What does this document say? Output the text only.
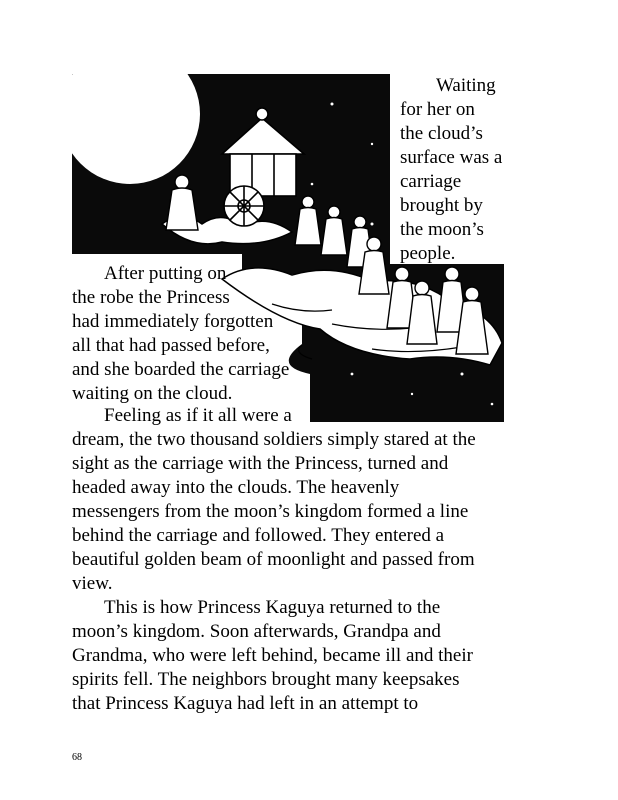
Waiting
for her on
the cloud’s
surface was a
carriage
brought by
the moon’s
people.
After putting on
the robe the Princess
had immediately forgotten
all that had passed before,
and she boarded the carriage
waiting on the cloud.
Feeling as if it all were a
dream, the two thousand soldiers simply stared at the
sight as the carriage with the Princess, turned and
headed away into the clouds. The heavenly
messengers from the moon’s kingdom formed a line
behind the carriage and followed. They entered a
beautiful golden beam of moonlight and passed from
view.
This is how Princess Kaguya returned to the
moon’s kingdom. Soon afterwards, Grandpa and
Grandma, who were left behind, became ill and their
spirits fell. The neighbors brought many keepsakes
that Princess Kaguya had left in an attempt to
68
